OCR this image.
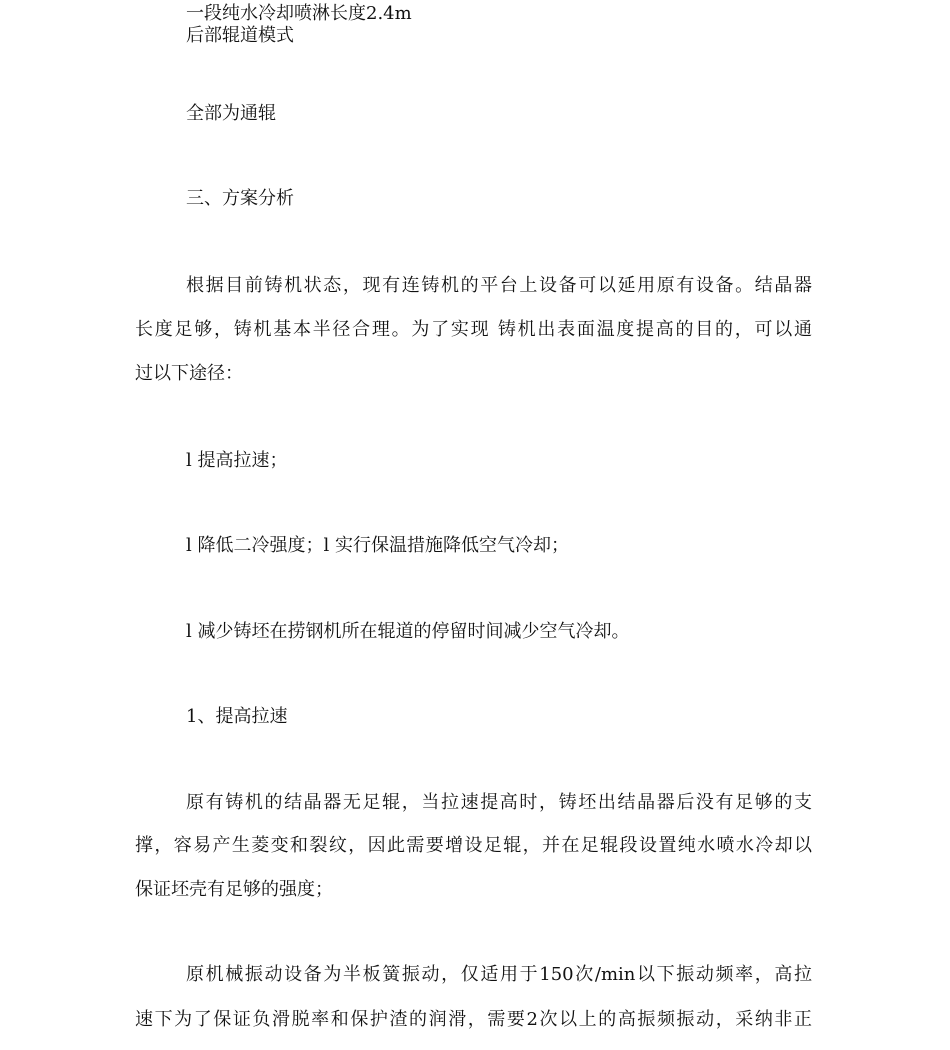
一段纯水冷却喷淋长度2.4m
后部辊道模式
全部为通辊
三、方案分析
根据目前铸机状态，现有连铸机的平台上设备可以延用原有设备。结晶器
长度足够，铸机基本半径合理。为了实现 铸机出表面温度提高的目的，可以通
过以下途径：
l 提高拉速；
l 降低二冷强度；l 实行保温措施降低空气冷却；
l 减少铸坯在捞钢机所在辊道的停留时间减少空气冷却。
1、提高拉速
原有铸机的结晶器无足辊，当拉速提高时，铸坯出结晶器后没有足够的支
撑，容易产生菱变和裂纹，因此需要增设足辊，并在足辊段设置纯水喷水冷却以
保证坯壳有足够的强度；
原机械振动设备为半板簧振动，仅适用于150次/min以下振动频率，高拉
速下为了保证负滑脱率和保护渣的润滑，需要2次以上的高振频振动，采纳非正
